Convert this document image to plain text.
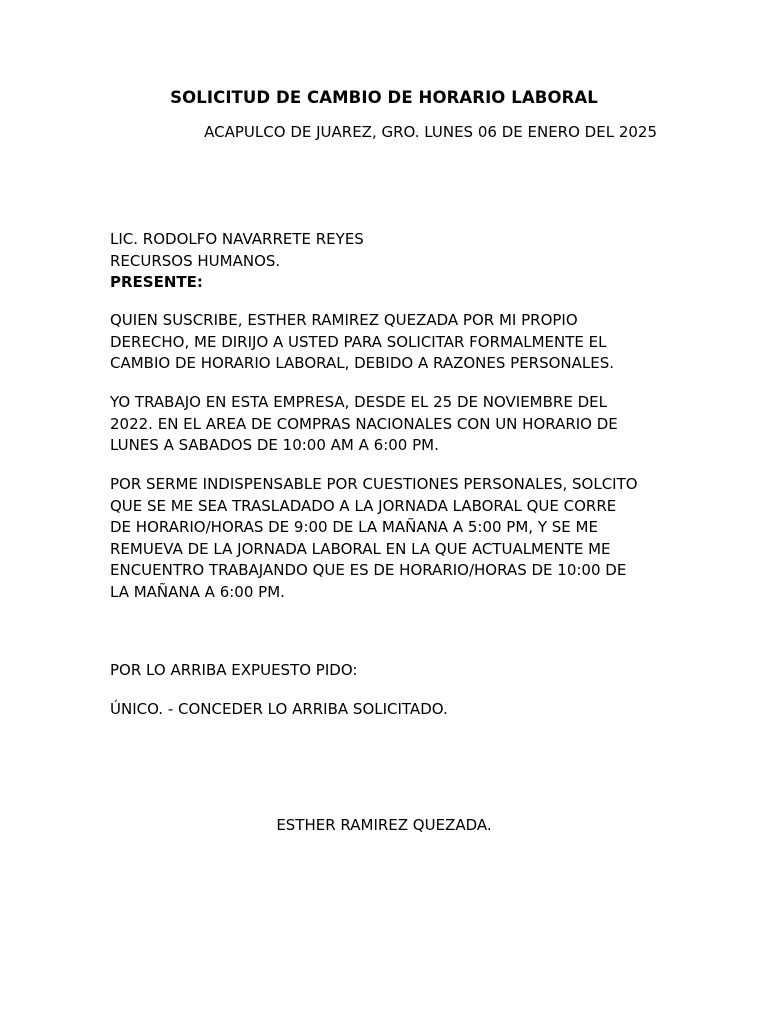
SOLICITUD DE CAMBIO DE HORARIO LABORAL
ACAPULCO DE JUAREZ, GRO. LUNES 06 DE ENERO DEL 2025
LIC. RODOLFO NAVARRETE REYES
RECURSOS HUMANOS.
PRESENTE:
QUIEN SUSCRIBE, ESTHER RAMIREZ QUEZADA POR MI PROPIO
DERECHO, ME DIRIJO A USTED PARA SOLICITAR FORMALMENTE EL
CAMBIO DE HORARIO LABORAL, DEBIDO A RAZONES PERSONALES.
YO TRABAJO EN ESTA EMPRESA, DESDE EL 25 DE NOVIEMBRE DEL
2022. EN EL AREA DE COMPRAS NACIONALES CON UN HORARIO DE
LUNES A SABADOS DE 10:00 AM A 6:00 PM.
POR SERME INDISPENSABLE POR CUESTIONES PERSONALES, SOLCITO
QUE SE ME SEA TRASLADADO A LA JORNADA LABORAL QUE CORRE
DE HORARIO/HORAS DE 9:00 DE LA MAÑANA A 5:00 PM, Y SE ME
REMUEVA DE LA JORNADA LABORAL EN LA QUE ACTUALMENTE ME
ENCUENTRO TRABAJANDO QUE ES DE HORARIO/HORAS DE 10:00 DE
LA MAÑANA A 6:00 PM.
POR LO ARRIBA EXPUESTO PIDO:
ÚNICO. - CONCEDER LO ARRIBA SOLICITADO.
ESTHER RAMIREZ QUEZADA.
